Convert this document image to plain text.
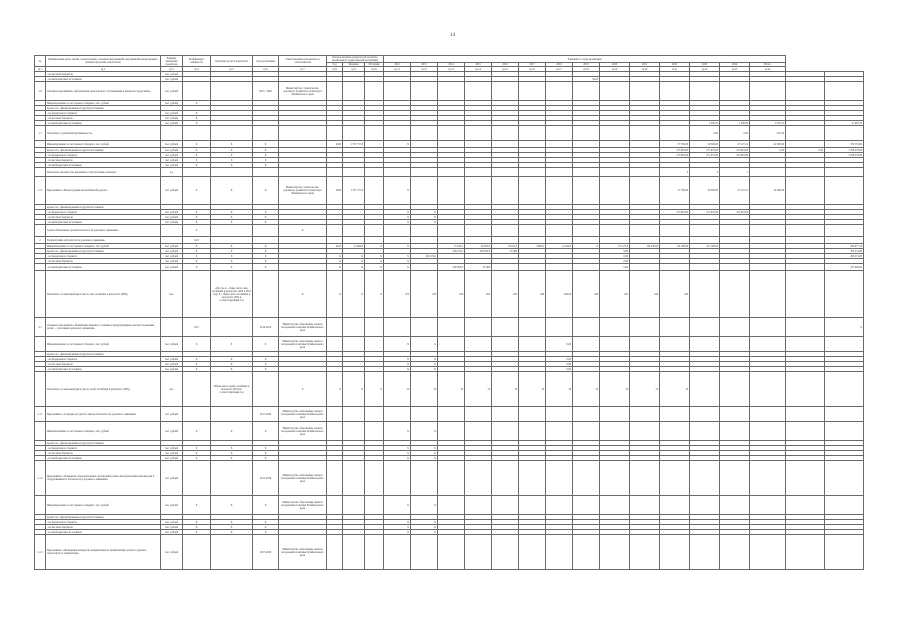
14
№	Наименование цели, задачи, подпрограммы, основных мероприятий, мероприятий ведомственных целевых программ, показателей	Единица измерения показателя	Коэффициент значимости	Методика расчета показателя	Срок реализации	Ответственный исполнитель и соисполнители	Базовое значение (показателей на начало реализации Государственной программы)			Значения по годам реализации															
							Год	Значение	Источник	2012	2013	2014	2015	2016	2017	2018	2019	2020	2021	2022	2023	2024	Итого		
гр.1	гр.2	гр.3	гр.4	гр.5	гр.6	гр.7	гр.8	гр.9	гр.10	гр.11	гр.12	гр.13	гр.14	гр.15	гр.16	гр.17	гр.18	гр.19	гр.20	гр.21	гр.22	гр.23	гр.24		
	- из местных бюджетов	тыс. рублей																							
	- из внебюджетных источников	тыс. рублей															30,00								
1.6	Основное мероприятие «Организация транспортного обслуживания в пределах города Читы»	тыс. рублей			2015 - 2020	Министерство строительства, дорожного хозяйства и транспорта Забайкальского края																			
	Финансирование за счет краевого бюджета, тыс. рублей	тыс. рублей	X																						
	кроме того, финансирование из других источников:																								
	- из федерального бюджета	тыс. рублей	X																						
	- из местных бюджетов	тыс. рублей	X																						
	- из внебюджетных источников	тыс. рублей	X																		1 400,22	1 386,00	2 031,31		11 695,52
1.7	Показатель «Суммарная протяженность»																				0,00	0,00	455,34		
	Финансирование за счет краевого бюджета, тыс. рублей	тыс. рублей	X	X	X		2020	1 557 757,8		X										37 700,00	26 500,00	47 127,12	42 000,00		353 535,94
	кроме того, финансирование из других источников:	тыс. рублей	X	X	X															273 995,00	271 955,00	415 961,00	0,00	0,00	1 058 476,00
	- из федерального бюджета	тыс. рублей	X	X	X															273 995,00	271 955,00	415 961,00			1 058 476,00
	- из местных бюджетов	тыс. рублей	X	X	X																				
	- из внебюджетных источников	тыс. рублей	X	X	X																				
	Показатель «Количество введенных в эксплуатацию объектов»	ед.																		0	0	1			
1.7.1	Мероприятие «Реконструкция автомобильной дороги»	тыс. рублей	X	X	X	Министерство строительства, дорожного хозяйства и транспорта Забайкальского края	2020	1 557 757,8		X										37 700,00	26 500,00	47 127,12	42 000,00		
	кроме того, финансирование из других источников:																								
	- из федерального бюджета	тыс. рублей	X	X	X					X	X									273 995,00	271 955,00	415 961,00			
	- из местных бюджетов	тыс. рублей	X	X	X					X	X														
	- из внебюджетных источников	тыс. рублей	X	X	X					X	X														
	Задача «Повышение уровня безопасности дорожного движения»		X			X																			
2	Подпрограмма «Безопасность дорожного движения»		0,25																						
	Финансирование за счет краевого бюджета, тыс. рублей	тыс. рублей	X	X	X		2015	12 666,8	X	X		15 542,3	20 650,0	20 611,0	3 864,0	12 424,0	X	175 417,9	119 530,00	113 160,00	107 160,00				584 677,16
	кроме того, финансирование из других источников:	тыс. рублей	X	X	X							200 474,0	200 000,0	55 000				0,00							353 474,00
	- из федерального бюджета	тыс. рублей	X	X	X		X	X	X	X	200 474,0							0,00							200 474,00
	- из местных бюджетов	тыс. рублей	X	X	X		X	X	X	X								0,00							
	- из внебюджетных источников	тыс. рублей	X	X	X		X	X	X	X		200 000,0	55 000					0,00							255 000,00
	Показатель «Социальный риск (число лиц, погибших в результате ДТП)»	чел.		А/Б, где А - общее число лиц, погибших в результате ДТП в 2012 году; Б - общее число погибших в результате ДТП в соответствующий год		X	X	X	X	270	276	256	262	263	249	248,00	246	245	244	243					
2.1	Основное мероприятие «Повышение правового сознания и предупреждение опасного поведения детей — участников дорожного движения»		0,01		2014-2020	Министерство образования, науки и молодежной политики Забайкальского края																			X
	Финансирование за счет краевого бюджета, тыс. рублей	тыс. рублей	X	X	X	Министерство образования, науки и молодежной политики Забайкальского края				X	X					0,00									
	кроме того, финансирование из других источников:																								
	- из федерального бюджета	тыс. рублей	X	X	X					X	X					0,00									
	- из местных бюджетов	тыс. рублей	X	X	X					X	X					0,00									
	- из внебюджетных источников	тыс. рублей	X	X	X					X	X					0,00									
	Показатель «Социальный риск (число детей, погибших в результате ДТП)»	чел.		Общее число детей, погибших в результате ДТП по соответствующий год		X	X	X	X	10	10	10	10	10	10	10	10	10	10	10					
2.1.1	Мероприятие «Создание ресурсного центра безопасности дорожного движения»	тыс. рублей			2017-2020	Министерство образования, науки и молодежной политики Забайкальского края																			
	Финансирование за счет краевого бюджета, тыс. рублей	тыс. рублей	X	X	X	Министерство образования, науки и молодежной политики Забайкальского края				X	X														
	кроме того, финансирование из других источников:																								
	- из федерального бюджета	тыс. рублей	X	X	X					X	X														
	- из местных бюджетов	тыс. рублей	X	X	X					X	X														
	- из внебюджетных источников	тыс. рублей	X	X	X					X	X														
2.1.2	Мероприятие «Оснащение образовательных организаций учебно-методическими комплексами и оборудованием по безопасности дорожного движения»	тыс. рублей			2015-2020	Министерство образования, науки и молодежной политики Забайкальского края																			
	Финансирование за счет краевого бюджета, тыс. рублей	тыс. рублей	X	X	X	Министерство образования, науки и молодежной политики Забайкальского края				X	X														
	кроме того, финансирование из других источников:																								
	- из федерального бюджета	тыс. рублей	X	X	X					X	X														
	- из местных бюджетов	тыс. рублей	X	X	X					X	X														
	- из внебюджетных источников	тыс. рублей	X	X	X					X	X														
2.1.3	Мероприятие «Проведение конкурсов, направленных на профилактику детского дорожно-транспортного травматизма»	тыс. рублей			2017-2020	Министерство образования, науки и молодежной политики Забайкальского края																			
